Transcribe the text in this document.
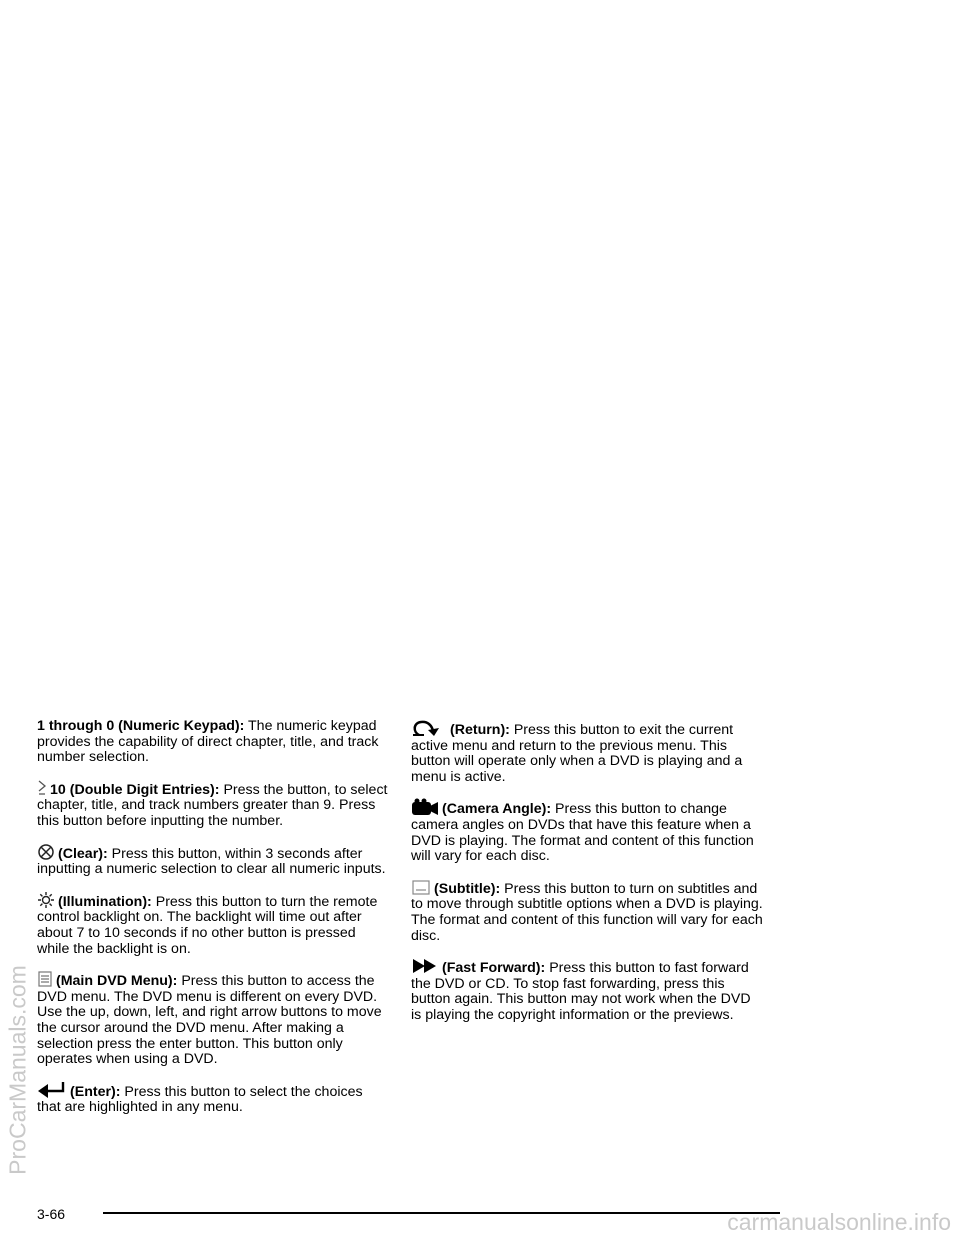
1 through 0 (Numeric Keypad): The numeric keypad provides the capability of direct chapter, title, and track number selection.

10 (Double Digit Entries): Press the button, to select chapter, title, and track numbers greater than 9. Press this button before inputting the number.

(Clear): Press this button, within 3 seconds after inputting a numeric selection to clear all numeric inputs.

(Illumination): Press this button to turn the remote control backlight on. The backlight will time out after about 7 to 10 seconds if no other button is pressed while the backlight is on.

(Main DVD Menu): Press this button to access the DVD menu. The DVD menu is different on every DVD. Use the up, down, left, and right arrow buttons to move the cursor around the DVD menu. After making a selection press the enter button. This button only operates when using a DVD.

(Enter): Press this button to select the choices that are highlighted in any menu.

(Return): Press this button to exit the current active menu and return to the previous menu. This button will operate only when a DVD is playing and a menu is active.

(Camera Angle): Press this button to change camera angles on DVDs that have this feature when a DVD is playing. The format and content of this function will vary for each disc.

(Subtitle): Press this button to turn on subtitles and to move through subtitle options when a DVD is playing. The format and content of this function will vary for each disc.

(Fast Forward): Press this button to fast forward the DVD or CD. To stop fast forwarding, press this button again. This button may not work when the DVD is playing the copyright information or the previews.

3-66
ProCarManuals.com
carmanualsonline.info
